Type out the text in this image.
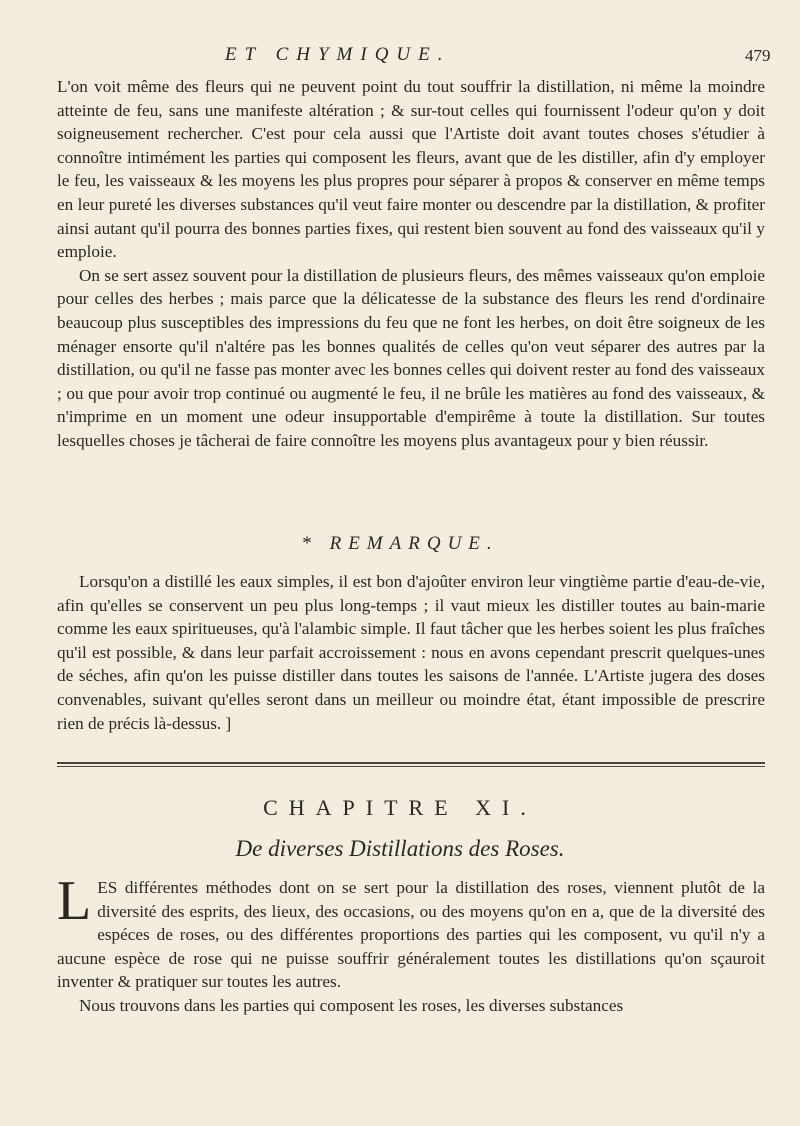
ET CHYMIQUE.	479

L'on voit même des fleurs qui ne peuvent point du tout souffrir la distillation, ni même la moindre atteinte de feu, sans une manifeste altération ; & sur-tout celles qui fournissent l'odeur qu'on y doit soigneusement rechercher. C'est pour cela aussi que l'Artiste doit avant toutes choses s'étudier à connoître intimément les parties qui composent les fleurs, avant que de les distiller, afin d'y employer le feu, les vaisseaux & les moyens les plus propres pour séparer à propos & conserver en même temps en leur pureté les diverses substances qu'il veut faire monter ou descendre par la distillation, & profiter ainsi autant qu'il pourra des bonnes parties fixes, qui restent bien souvent au fond des vaisseaux qu'il y emploie.

On se sert assez souvent pour la distillation de plusieurs fleurs, des mêmes vaisseaux qu'on emploie pour celles des herbes ; mais parce que la délicatesse de la substance des fleurs les rend d'ordinaire beaucoup plus susceptibles des impressions du feu que ne font les herbes, on doit être soigneux de les ménager ensorte qu'il n'altére pas les bonnes qualités de celles qu'on veut séparer des autres par la distillation, ou qu'il ne fasse pas monter avec les bonnes celles qui doivent rester au fond des vaisseaux ; ou que pour avoir trop continué ou augmenté le feu, il ne brûle les matières au fond des vaisseaux, & n'imprime en un moment une odeur insupportable d'empirême à toute la distillation. Sur toutes lesquelles choses je tâcherai de faire connoître les moyens plus avantageux pour y bien réussir.

* REMARQUE.

Lorsqu'on a distillé les eaux simples, il est bon d'ajoûter environ leur vingtième partie d'eau-de-vie, afin qu'elles se conservent un peu plus long-temps ; il vaut mieux les distiller toutes au bain-marie comme les eaux spiritueuses, qu'à l'alambic simple. Il faut tâcher que les herbes soient les plus fraîches qu'il est possible, & dans leur parfait accroissement : nous en avons cependant prescrit quelques-unes de séches, afin qu'on les puisse distiller dans toutes les saisons de l'année. L'Artiste jugera des doses convenables, suivant qu'elles seront dans un meilleur ou moindre état, étant impossible de prescrire rien de précis là-dessus. ]

CHAPITRE XI.
De diverses Distillations des Roses.

LES différentes méthodes dont on se sert pour la distillation des roses, viennent plutôt de la diversité des esprits, des lieux, des occasions, ou des moyens qu'on en a, que de la diversité des espéces de roses, ou des différentes proportions des parties qui les composent, vu qu'il n'y a aucune espèce de rose qui ne puisse souffrir généralement toutes les distillations qu'on sçauroit inventer & pratiquer sur toutes les autres.

Nous trouvons dans les parties qui composent les roses, les diverses substances
